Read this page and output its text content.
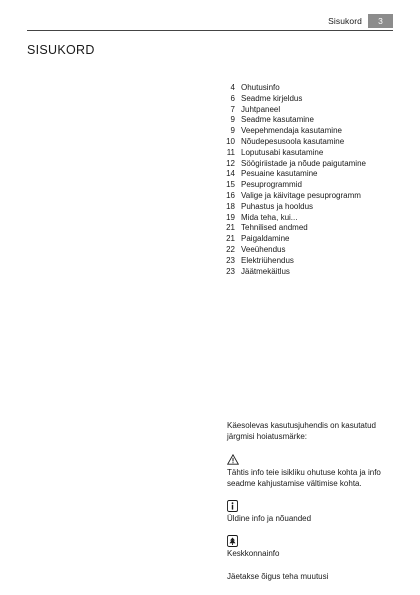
Sisukord	3
SISUKORD
4 Ohutusinfo
6 Seadme kirjeldus
7 Juhtpaneel
9 Seadme kasutamine
9 Veepehmendaja kasutamine
10 Nõudepesusoola kasutamine
11 Loputusabi kasutamine
12 Söögiriistade ja nõude paigutamine
14 Pesuaine kasutamine
15 Pesuprogrammid
16 Valige ja käivitage pesuprogramm
18 Puhastus ja hooldus
19 Mida teha, kui...
21 Tehnilised andmed
21 Paigaldamine
22 Veeühendus
23 Elektriühendus
23 Jäätmekäitlus

Käesolevas kasutusjuhendis on kasutatud järgmisi hoiatusmärke:

Tähtis info teie isikliku ohutuse kohta ja info seadme kahjustamise vältimise kohta.

Üldine info ja nõuanded

Keskkonnainfo

Jäetakse õigus teha muutusi
